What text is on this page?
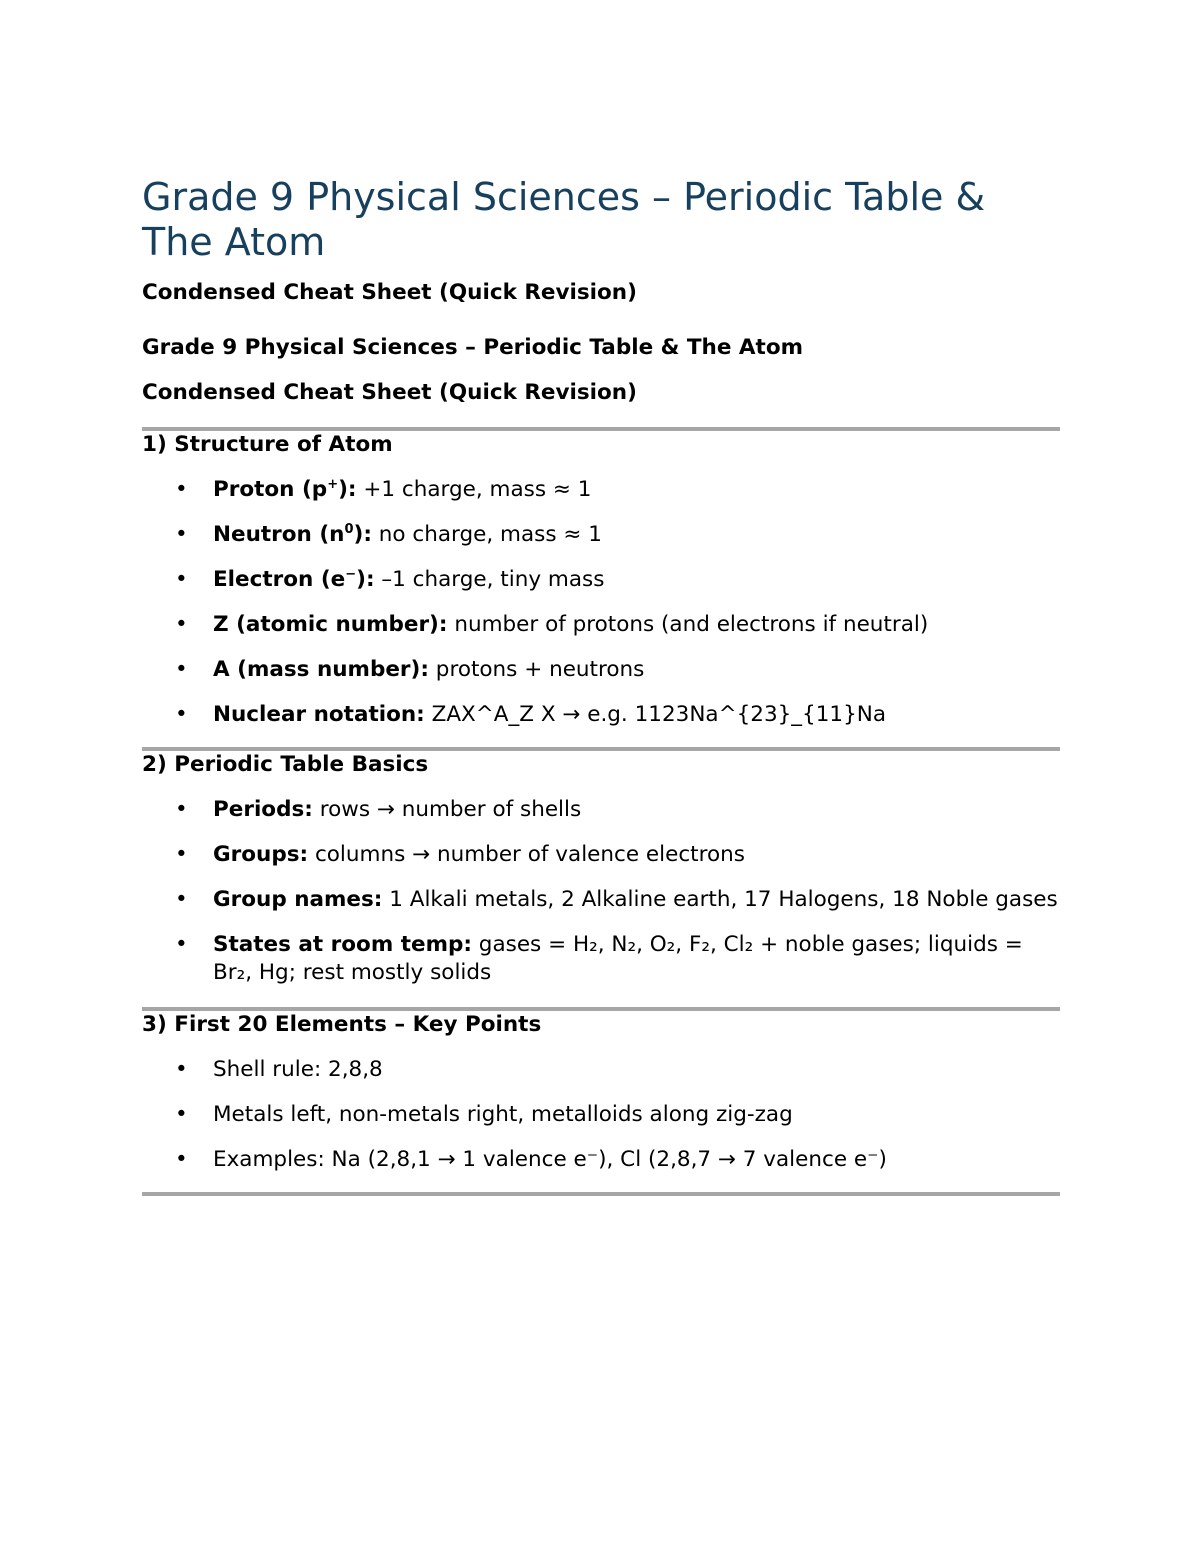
Grade 9 Physical Sciences – Periodic Table & The Atom

Condensed Cheat Sheet (Quick Revision)

Grade 9 Physical Sciences – Periodic Table & The Atom

Condensed Cheat Sheet (Quick Revision)

1) Structure of Atom
• Proton (p+): +1 charge, mass ≈ 1
• Neutron $(n^0)$: no charge, mass ≈ 1
• Electron (e−): –1 charge, tiny mass
• Z (atomic number): number of protons (and electrons if neutral)
• A (mass number): protons + neutrons
• Nuclear notation: ZAX^A_Z X → e.g. 1123Na^{23}_{11}Na
2) Periodic Table Basics
• Periods: rows → number of shells
• Groups: columns → number of valence electrons
• Group names: 1 Alkali metals, 2 Alkaline earth, 17 Halogens, 18 Noble gases
• States at room temp: gases = H₂, N₂, O₂, F₂, Cl₂ + noble gases; liquids = Br₂, Hg; rest mostly solids
3) First 20 Elements – Key Points
• Shell rule: 2,8,8
• Metals left, non-metals right, metalloids along zig-zag
• Examples: Na (2,8,1 → 1 valence e⁻), Cl (2,8,7 → 7 valence e⁻)
